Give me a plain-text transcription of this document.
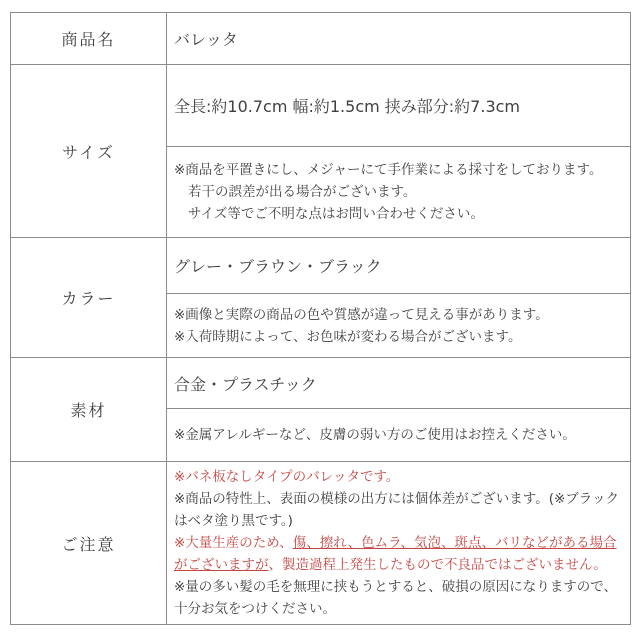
商品名	バレッタ
サイズ
全長:約10.7cm 幅:約1.5cm 挟み部分:約7.3cm

※商品を平置きにし、メジャーにて手作業による採寸をしております。

若干の誤差が出る場合がございます。

サイズ等でご不明な点はお問い合わせください。

カラー
グレー・ブラウン・ブラック

※画像と実際の商品の色や質感が違って見える事があります。

※入荷時期によって、お色味が変わる場合がございます。

素材
合金・プラスチック

※金属アレルギーなど、皮膚の弱い方のご使用はお控えください。

ご注意

※バネ板なしタイプのバレッタです。

※商品の特性上、表面の模様の出方には個体差がございます。(※ブラックはベタ塗り黒です。)

※大量生産のため、傷、擦れ、色ムラ、気泡、斑点、バリなどがある場合がございますが、製造過程上発生したもので不良品ではございません。

※量の多い髪の毛を無理に挟もうとすると、破損の原因になりますので、十分お気をつけください。
